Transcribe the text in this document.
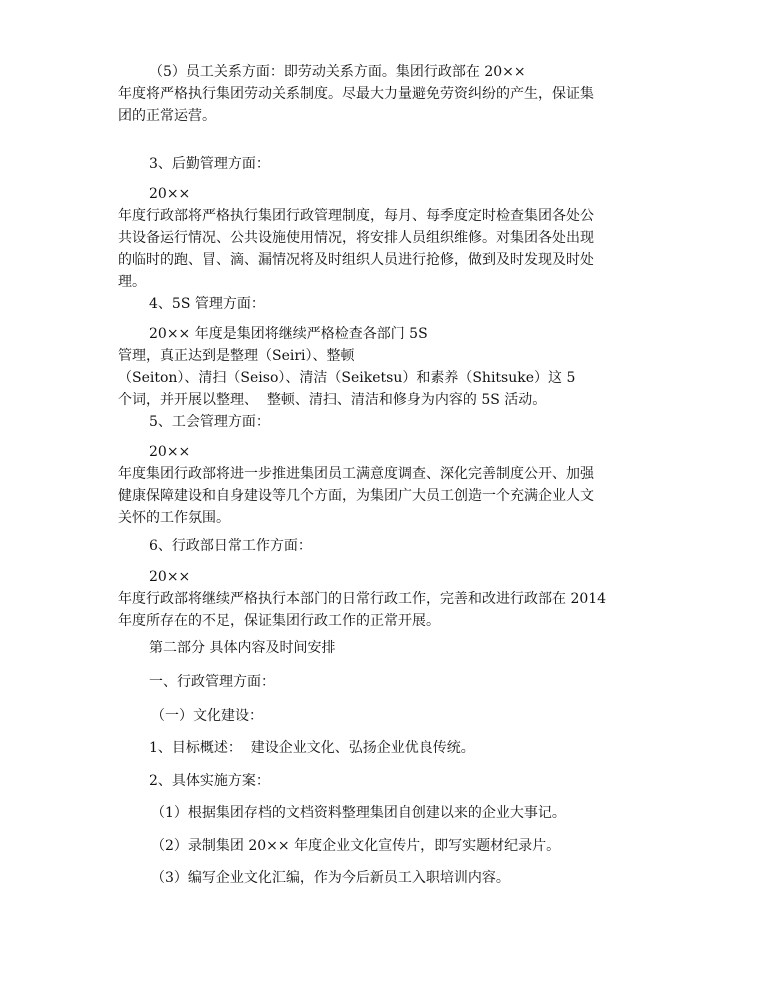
（5）员工关系方面：即劳动关系方面。集团行政部在 20××
年度将严格执行集团劳动关系制度。尽最大力量避免劳资纠纷的产生，保证集
团的正常运营。

3、后勤管理方面：

20××
年度行政部将严格执行集团行政管理制度，每月、每季度定时检查集团各处公
共设备运行情况、公共设施使用情况，将安排人员组织维修。对集团各处出现
的临时的跑、冒、滴、漏情况将及时组织人员进行抢修，做到及时发现及时处
理。

4、5S 管理方面：

20×× 年度是集团将继续严格检查各部门 5S
管理，真正达到是整理（Seiri）、整顿
（Seiton）、清扫（Seiso）、清洁（Seiketsu）和素养（Shitsuke）这 5
个词，并开展以整理、  整顿、清扫、清洁和修身为内容的 5S 活动。

5、工会管理方面：

20××
年度集团行政部将进一步推进集团员工满意度调查、深化完善制度公开、加强
健康保障建设和自身建设等几个方面，为集团广大员工创造一个充满企业人文
关怀的工作氛围。

6、行政部日常工作方面：

20××
年度行政部将继续严格执行本部门的日常行政工作，完善和改进行政部在 2014
年度所存在的不足，保证集团行政工作的正常开展。

第二部分 具体内容及时间安排

一、行政管理方面：

（一）文化建设：

1、目标概述：  建设企业文化、弘扬企业优良传统。

2、具体实施方案：

（1）根据集团存档的文档资料整理集团自创建以来的企业大事记。

（2）录制集团 20×× 年度企业文化宣传片，即写实题材纪录片。

（3）编写企业文化汇编，作为今后新员工入职培训内容。
